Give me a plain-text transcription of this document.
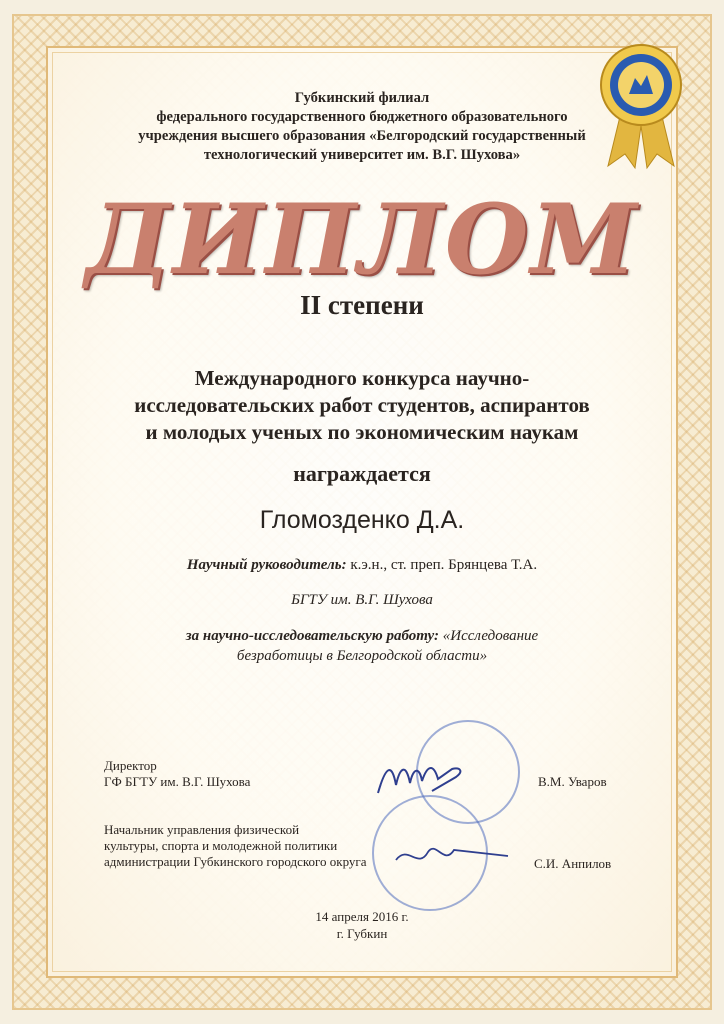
Губкинский филиал
федерального государственного бюджетного образовательного
учреждения высшего образования «Белгородский государственный
технологический университет им. В.Г. Шухова»
ДИПЛОМ
II степени
Международного конкурса научно-
исследовательских работ студентов, аспирантов
и молодых ученых по экономическим наукам
награждается
Гломозденко Д.А.
Научный руководитель: к.э.н., ст. преп. Брянцева Т.А.
БГТУ им. В.Г. Шухова
за научно-исследовательскую работу: «Исследование
безработицы в Белгородской области»
Директор
ГФ БГТУ им. В.Г. Шухова	В.М. Уваров
Начальник управления физической
культуры, спорта и молодежной политики
администрации Губкинского городского округа	С.И. Анпилов
14 апреля 2016 г.
г. Губкин
